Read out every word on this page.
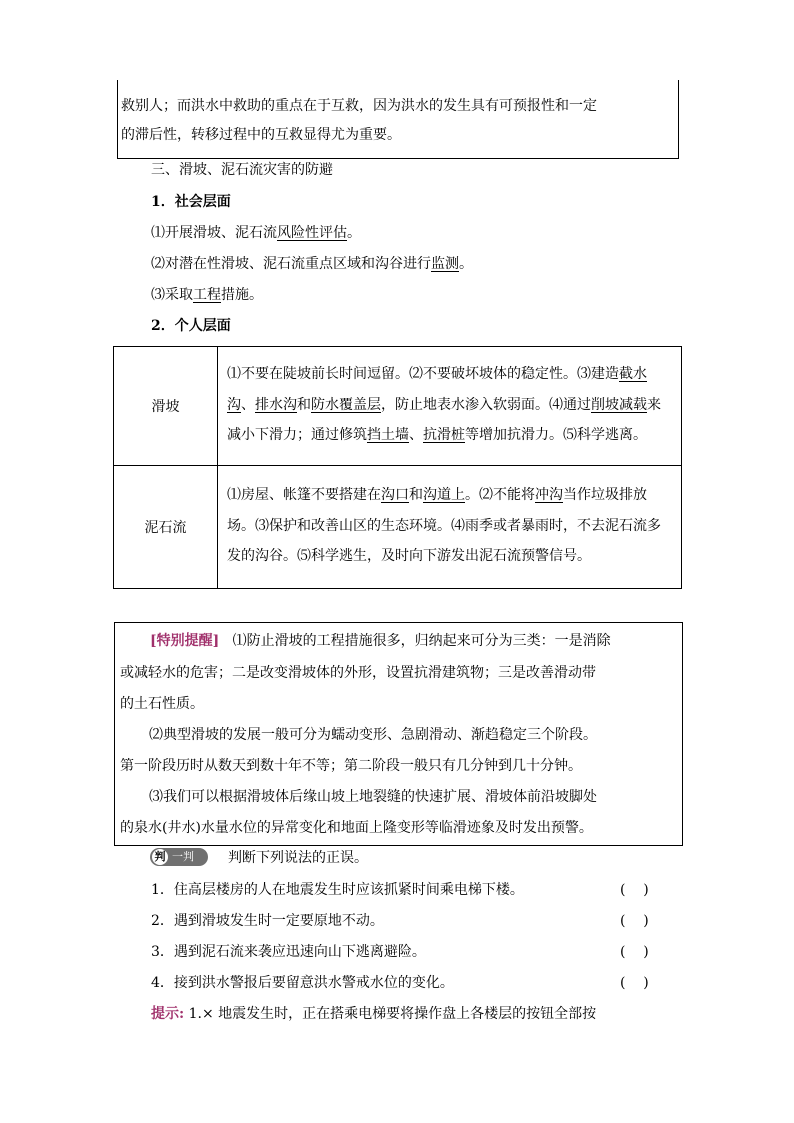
救别人；而洪水中救助的重点在于互救，因为洪水的发生具有可预报性和一定
的滞后性，转移过程中的互救显得尤为重要。
三、滑坡、泥石流灾害的防避
1．社会层面
⑴开展滑坡、泥石流风险性评估。
⑵对潜在性滑坡、泥石流重点区域和沟谷进行监测。
⑶采取工程措施。
2．个人层面
滑坡	⑴不要在陡坡前长时间逗留。⑵不要破坏坡体的稳定性。⑶建造截水沟、排水沟和防水覆盖层，防止地表水渗入软弱面。⑷通过削坡减载来减小下滑力；通过修筑挡土墙、抗滑桩等增加抗滑力。⑸科学逃离。
泥石流	⑴房屋、帐篷不要搭建在沟口和沟道上。⑵不能将冲沟当作垃圾排放场。⑶保护和改善山区的生态环境。⑷雨季或者暴雨时，不去泥石流多发的沟谷。⑸科学逃生，及时向下游发出泥石流预警信号。
[特别提醒] ⑴防止滑坡的工程措施很多，归纳起来可分为三类：一是消除
或减轻水的危害；二是改变滑坡体的外形，设置抗滑建筑物；三是改善滑动带
的土石性质。
⑵典型滑坡的发展一般可分为蠕动变形、急剧滑动、渐趋稳定三个阶段。
第一阶段历时从数天到数十年不等；第二阶段一般只有几分钟到几十分钟。
⑶我们可以根据滑坡体后缘山坡上地裂缝的快速扩展、滑坡体前沿坡脚处
的泉水(井水)水量水位的异常变化和地面上隆变形等临滑迹象及时发出预警。
判 一判 判断下列说法的正误。
1．住高层楼房的人在地震发生时应该抓紧时间乘电梯下楼。	(    )
2．遇到滑坡发生时一定要原地不动。	(    )
3．遇到泥石流来袭应迅速向山下逃离避险。	(    )
4．接到洪水警报后要留意洪水警戒水位的变化。	(    )
提示: 1.× 地震发生时，正在搭乘电梯要将操作盘上各楼层的按钮全部按
